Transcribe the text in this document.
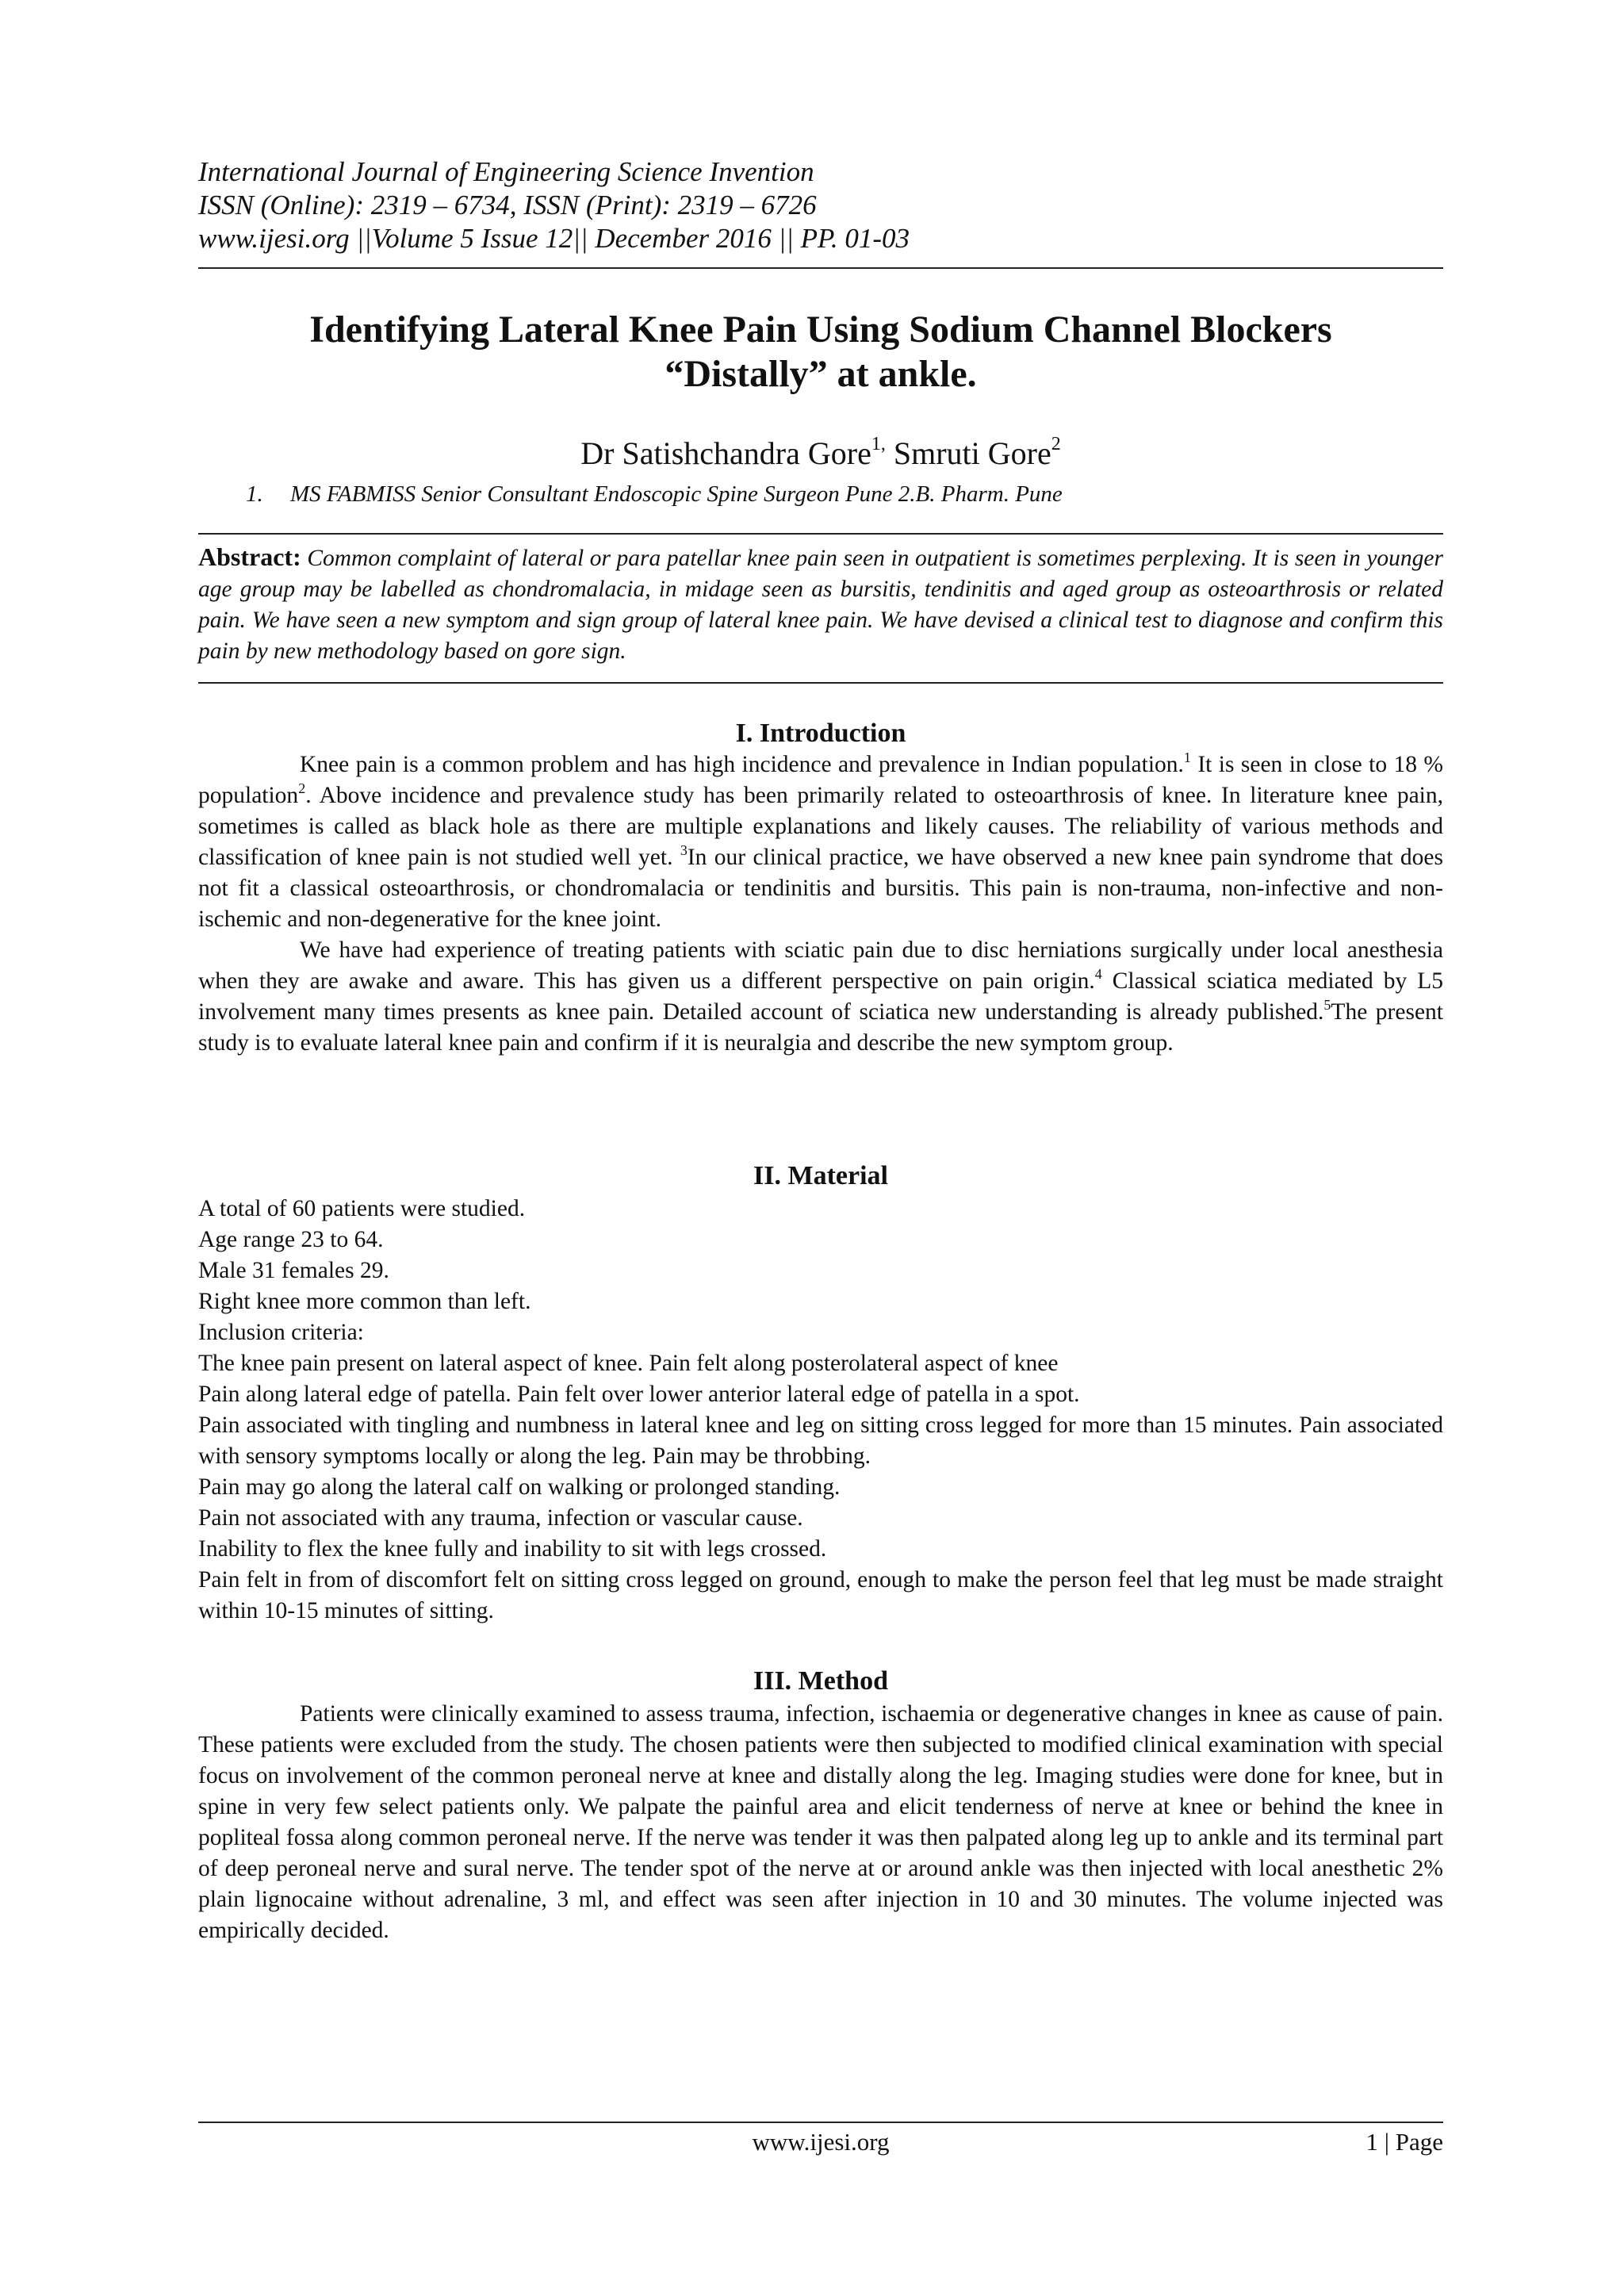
International Journal of Engineering Science Invention
ISSN (Online): 2319 – 6734, ISSN (Print): 2319 – 6726
www.ijesi.org ||Volume 5 Issue 12|| December 2016 || PP. 01-03
Identifying Lateral Knee Pain Using Sodium Channel Blockers
“Distally” at ankle.
Dr Satishchandra Gore$^{1,}$ Smruti Gore$^2$
1. MS FABMISS Senior Consultant Endoscopic Spine Surgeon Pune 2.B. Pharm. Pune
Abstract: Common complaint of lateral or para patellar knee pain seen in outpatient is sometimes perplexing. It is seen in younger age group may be labelled as chondromalacia, in midage seen as bursitis, tendinitis and aged group as osteoarthrosis or related pain. We have seen a new symptom and sign group of lateral knee pain. We have devised a clinical test to diagnose and confirm this pain by new methodology based on gore sign.
I. Introduction

Knee pain is a common problem and has high incidence and prevalence in Indian population.$^1$ It is seen in close to 18 % population$^2$. Above incidence and prevalence study has been primarily related to osteoarthrosis of knee. In literature knee pain, sometimes is called as black hole as there are multiple explanations and likely causes. The reliability of various methods and classification of knee pain is not studied well yet. $^3$In our clinical practice, we have observed a new knee pain syndrome that does not fit a classical osteoarthrosis, or chondromalacia or tendinitis and bursitis. This pain is non-trauma, non-infective and non-ischemic and non-degenerative for the knee joint.

We have had experience of treating patients with sciatic pain due to disc herniations surgically under local anesthesia when they are awake and aware. This has given us a different perspective on pain origin.$^4$ Classical sciatica mediated by L5 involvement many times presents as knee pain. Detailed account of sciatica new understanding is already published.$^5$The present study is to evaluate lateral knee pain and confirm if it is neuralgia and describe the new symptom group.

II. Material
A total of 60 patients were studied.
Age range 23 to 64.
Male 31 females 29.
Right knee more common than left.
Inclusion criteria:
The knee pain present on lateral aspect of knee. Pain felt along posterolateral aspect of knee
Pain along lateral edge of patella. Pain felt over lower anterior lateral edge of patella in a spot.
Pain associated with tingling and numbness in lateral knee and leg on sitting cross legged for more than 15 minutes. Pain associated with sensory symptoms locally or along the leg. Pain may be throbbing.
Pain may go along the lateral calf on walking or prolonged standing.
Pain not associated with any trauma, infection or vascular cause.
Inability to flex the knee fully and inability to sit with legs crossed.
Pain felt in from of discomfort felt on sitting cross legged on ground, enough to make the person feel that leg must be made straight within 10-15 minutes of sitting.
III. Method

Patients were clinically examined to assess trauma, infection, ischaemia or degenerative changes in knee as cause of pain. These patients were excluded from the study. The chosen patients were then subjected to modified clinical examination with special focus on involvement of the common peroneal nerve at knee and distally along the leg. Imaging studies were done for knee, but in spine in very few select patients only. We palpate the painful area and elicit tenderness of nerve at knee or behind the knee in popliteal fossa along common peroneal nerve. If the nerve was tender it was then palpated along leg up to ankle and its terminal part of deep peroneal nerve and sural nerve. The tender spot of the nerve at or around ankle was then injected with local anesthetic 2% plain lignocaine without adrenaline, 3 ml, and effect was seen after injection in 10 and 30 minutes. The volume injected was empirically decided.

www.ijesi.org	1 | Page
